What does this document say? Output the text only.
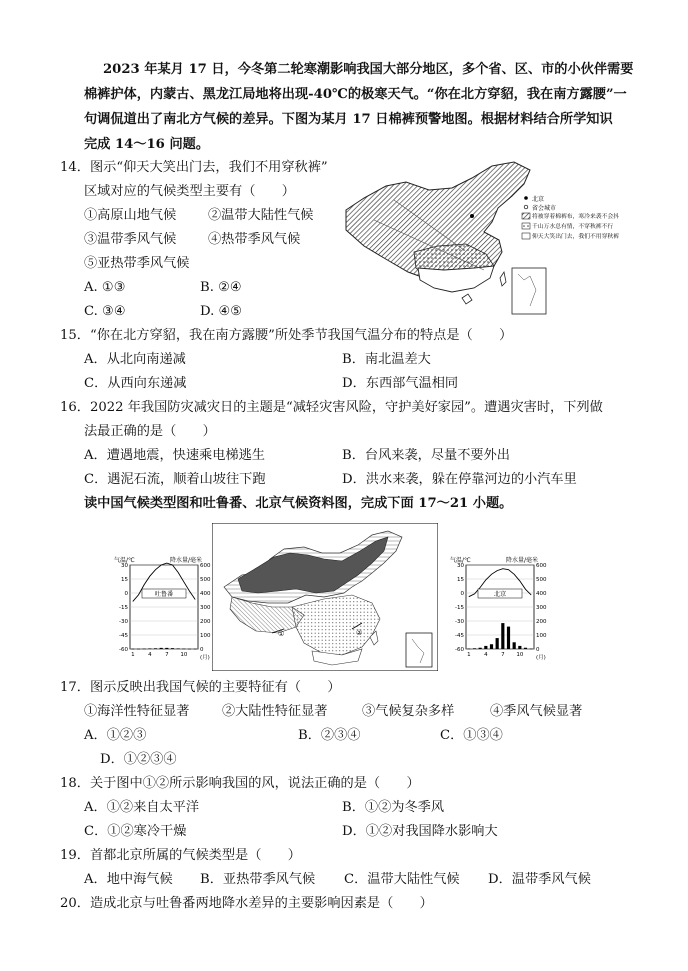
2023 年某月 17 日，今冬第二轮寒潮影响我国大部分地区，多个省、区、市的小伙伴需要
棉裤护体，内蒙古、黑龙江局地将出现-40℃的极寒天气。“你在北方穿貂，我在南方露腰”一
句调侃道出了南北方气候的差异。下图为某月 17 日棉裤预警地图。根据材料结合所学知识
完成 14～16 问题。
14．图示“仰天大笑出门去，我们不用穿秋裤”
区域对应的气候类型主要有（　　）
①高原山地气候 ②温带大陆性气候
③温带季风气候 ④热带季风气候
⑤亚热带季风气候
A. ①③	B. ②④
C. ③④	D. ④⑤
北京
省会城市
将被穿着棉裤布，寒冷来袭不会抖
千山万水总有情，不穿秋裤不行
仰天大笑出门去，我们不用穿秋裤
15．“你在北方穿貂，我在南方露腰”所处季节我国气温分布的特点是（　　）
A．从北向南递减	B．南北温差大
C．从西向东递减	D．东西部气温相同
16．2022 年我国防灾减灾日的主题是“减轻灾害风险，守护美好家园”。遭遇灾害时，下列做
法最正确的是（　　）
A．遭遇地震，快速乘电梯逃生	B．台风来袭，尽量不要外出
C．遇泥石流，顺着山坡往下跑	D．洪水来袭，躲在停靠河边的小汽车里
读中国气候类型图和吐鲁番、北京气候资料图，完成下面 17～21 小题。
气温/℃	降水量/毫米
30
15
0
-15
-30
-45
-60
600
500
400
300
200
100
0
1 4 7 10
吐鲁番
(月)
①	②
气温/℃	降水量/毫米
30
15
0
-15
-30
-45
-60
600
500
400
300
200
100
0
1 4 7 10
北京
(月)
17．图示反映出我国气候的主要特征有（　　）
①海洋性特征显著 ②大陆性特征显著	③气候复杂多样	④季风气候显著
A．①②③	B．②③④	C．①③④
D．①②③④
18．关于图中①②所示影响我国的风，说法正确的是（　　）
A．①②来自太平洋	B．①②为冬季风
C．①②寒冷干燥	D．①②对我国降水影响大
19．首都北京所属的气候类型是（　　）
A．地中海气候 B．亚热带季风气候 C．温带大陆性气候 D．温带季风气候
20．造成北京与吐鲁番两地降水差异的主要影响因素是（　　）
